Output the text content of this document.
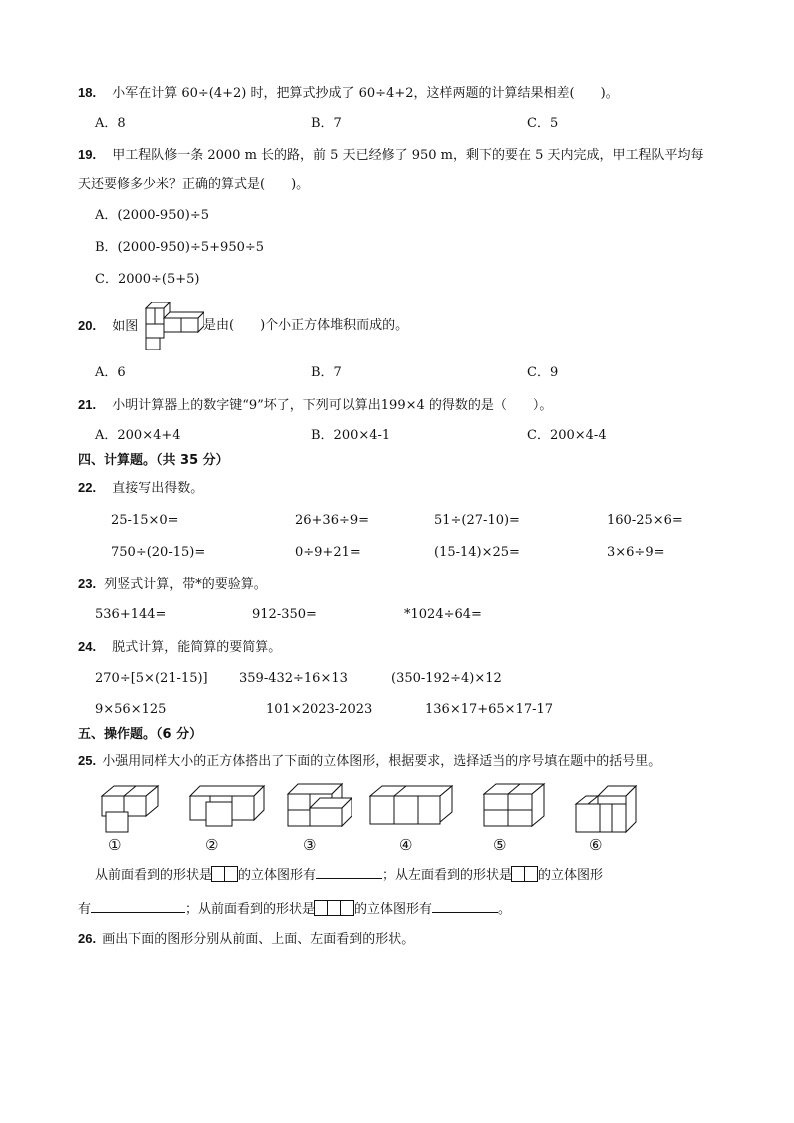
18. 小军在计算 60÷(4+2) 时，把算式抄成了 60÷4+2，这样两题的计算结果相差(　　)。
A．8	B．7	C．5
19. 甲工程队修一条 2000 m 长的路，前 5 天已经修了 950 m，剩下的要在 5 天内完成，甲工程队平均每
天还要修多少米？正确的算式是(　　)。
A．(2000-950)÷5
B．(2000-950)÷5+950÷5
C．2000÷(5+5)
20. 如图	是由(　　)个小正方体堆积而成的。
A．6	B．7	C．9
21. 小明计算器上的数字键“9”坏了，下列可以算出199×4 的得数的是（　　）。
A．200×4+4	B．200×4-1	C．200×4-4
四、计算题。（共 35 分）
22. 直接写出得数。
25-15×0=	26+36÷9=	51÷(27-10)=	160-25×6=
750÷(20-15)=	0÷9+21=	(15-14)×25=	3×6÷9=
23. 列竖式计算，带*的要验算。
536+144=	912-350=	*1024÷64=
24. 脱式计算，能简算的要简算。
270÷[5×(21-15)] 359-432÷16×13	(350-192÷4)×12
9×56×125	101×2023-2023	136×17+65×17-17
五、操作题。（6 分）
25. 小强用同样大小的正方体搭出了下面的立体图形，根据要求，选择适当的序号填在题中的括号里。
①	②	③	④	⑤	⑥
从前面看到的形状是 的立体图形有	；从左面看到的形状是 的立体图形
有	；从前面看到的形状是	的立体图形有	。
26. 画出下面的图形分别从前面、上面、左面看到的形状。
